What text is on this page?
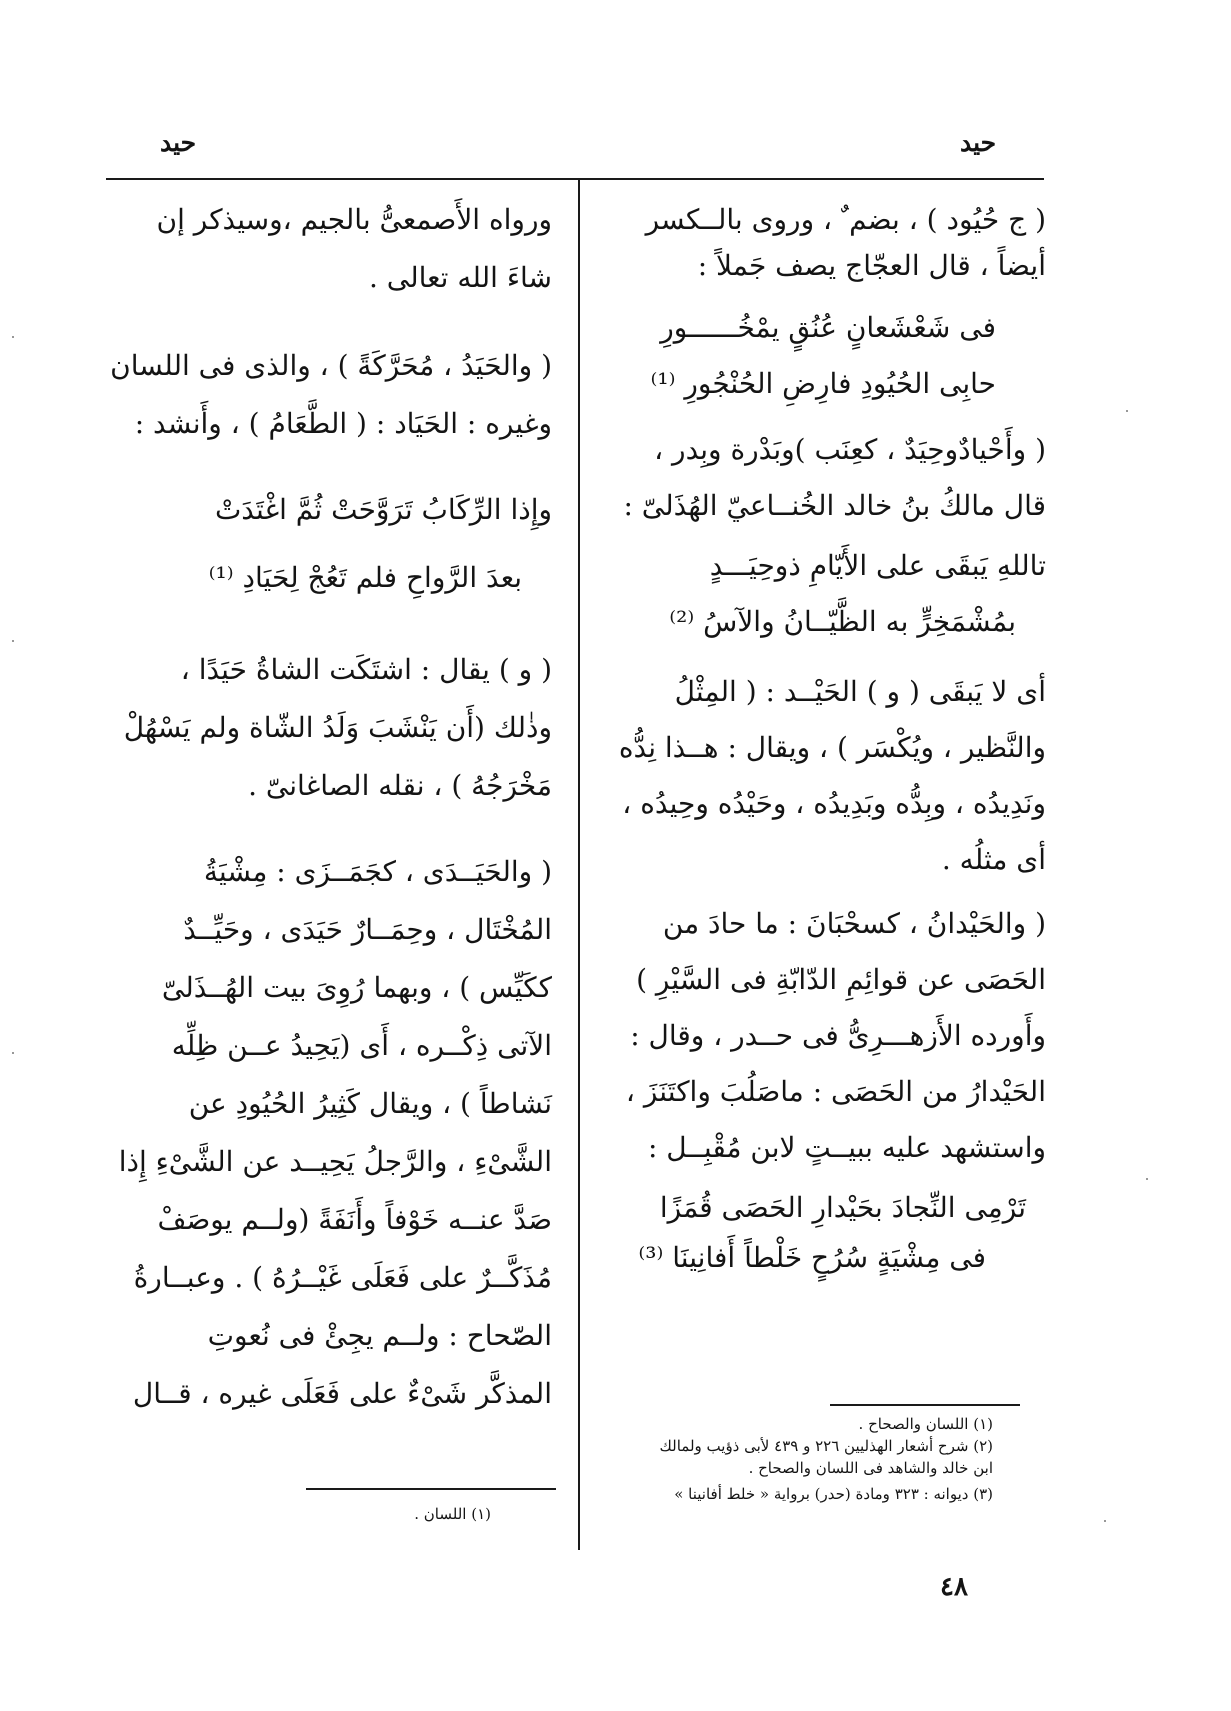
حيد	حيد
( ج حُيُود ) ، بضم ٌ ، وروى بالــكسر
أيضاً ، قال العجّاج يصف جَملاً :
فى شَعْشَعانٍ عُنُقٍ يمْخُــــــورِ
حابِى الحُيُودِ فارِضِ الحُنْجُورِ ⁽¹⁾
( وأَحْيادٌوحِيَدٌ ، كعِنَب )وبَدْرة وبِدر ،
قال مالكُ بنُ خالد الخُنــاعيّ الهُذَلىّ :
تاللهِ يَبقَى على الأَيّامِ ذوحِيَـــدٍ
بمُشْمَخِرٍّ به الظَّيّــانُ والآسُ ⁽²⁾
أى لا يَبقَى ( و ) الحَيْــد : ( المِثْلُ
والنَّظير ، ويُكْسَر ) ، ويقال : هــذا نِدُّه
ونَدِيدُه ، وبِدُّه وبَدِيدُه ، وحَيْدُه وحِيدُه ،
أى مثلُه .
( والحَيْدانُ ، كسحْبَانَ : ما حادَ من
الحَصَى عن قوائِمِ الدّابّةِ فى السَّيْرِ )
وأَورده الأَزهـــرِىُّ فى حــدر ، وقال :
الحَيْدارُ من الحَصَى : ماصَلُبَ واكتَنَزَ ،
واستشهد عليه ببيــتٍ لابن مُقْبِــل :
تَرْمِى النِّجادَ بحَيْدارِ الحَصَى قُمَزًا
فى مِشْيَةٍ سُرُحٍ خَلْطاً أَفانِينَا ⁽³⁾
(١) اللسان والصحاح .
(٢) شرح أشعار الهذليين ٢٢٦ و ٤٣٩ لأبى ذؤيب ولمالك
ابن خالد والشاهد فى اللسان والصحاح .
(٣) ديوانه : ٣٢٣ ومادة (حدر) برواية « خلط أفانينا »
ورواه الأَصمعىُّ بالجيم ،وسيذكر إن
شاءَ الله تعالى .
( والحَيَدُ ، مُحَرَّكَةً ) ، والذى فى اللسان
وغيره : الحَيَاد : ( الطَّعَامُ ) ، وأَنشد :
وإِذا الرِّكَابُ تَرَوَّحَتْ ثُمَّ اغْتَدَتْ
بعدَ الرَّواحِ فلم تَعُجْ لِحَيَادِ ⁽¹⁾
( و ) يقال : اشتَكَت الشاةُ حَيَدًا ،
وذٰلك (أَن يَنْشَبَ وَلَدُ الشّاة ولم يَسْهُلْ
مَخْرَجُهُ ) ، نقله الصاغانىّ .
( والحَيَــدَى ، كجَمَــزَى : مِشْيَةُ
المُخْتَال ، وحِمَــارٌ حَيَدَى ، وحَيِّــدٌ
ككَيِّس ) ، وبهما رُوِىَ بيت الهُــذَلىّ
الآتى ذِكْــره ، أَى (يَحِيدُ عــن ظِلِّه
نَشاطاً ) ، ويقال كَثِيرُ الحُيُودِ عن
الشَّىْءِ ، والرَّجلُ يَحِيــد عن الشَّىْءِ إِذا
صَدَّ عنــه خَوْفاً وأَنَفَةً (ولــم يوصَفْ
مُذَكَّــرٌ على فَعَلَى غَيْــرُهُ ) . وعبــارةُ
الصّحاح : ولــم يجِئْ فى نُعوتِ
المذكَّر شَىْءٌ على فَعَلَى غيره ، قــال
(١) اللسان .
٤٨
